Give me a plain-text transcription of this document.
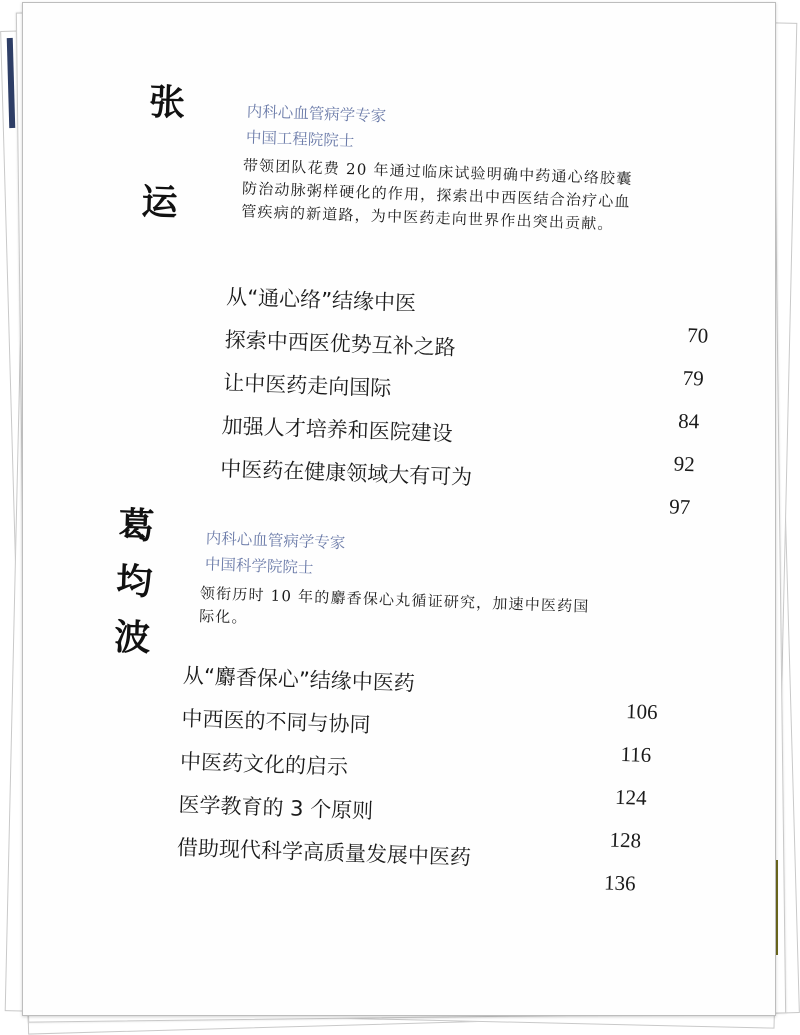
张
运
内科心血管病学专家
中国工程院院士
带领团队花费 20 年通过临床试验明确中药通心络胶囊防治动脉粥样硬化的作用，探索出中西医结合治疗心血管疾病的新道路，为中医药走向世界作出突出贡献。
从“通心络”结缘中医
探索中西医优势互补之路
让中医药走向国际
加强人才培养和医院建设
中医药在健康领域大有可为
70
79
84
92
97
葛
均
波
内科心血管病学专家
中国科学院院士
领衔历时 10 年的麝香保心丸循证研究，加速中医药国际化。
从“麝香保心”结缘中医药
中西医的不同与协同
中医药文化的启示
医学教育的 3 个原则
借助现代科学高质量发展中医药
106
116
124
128
136
